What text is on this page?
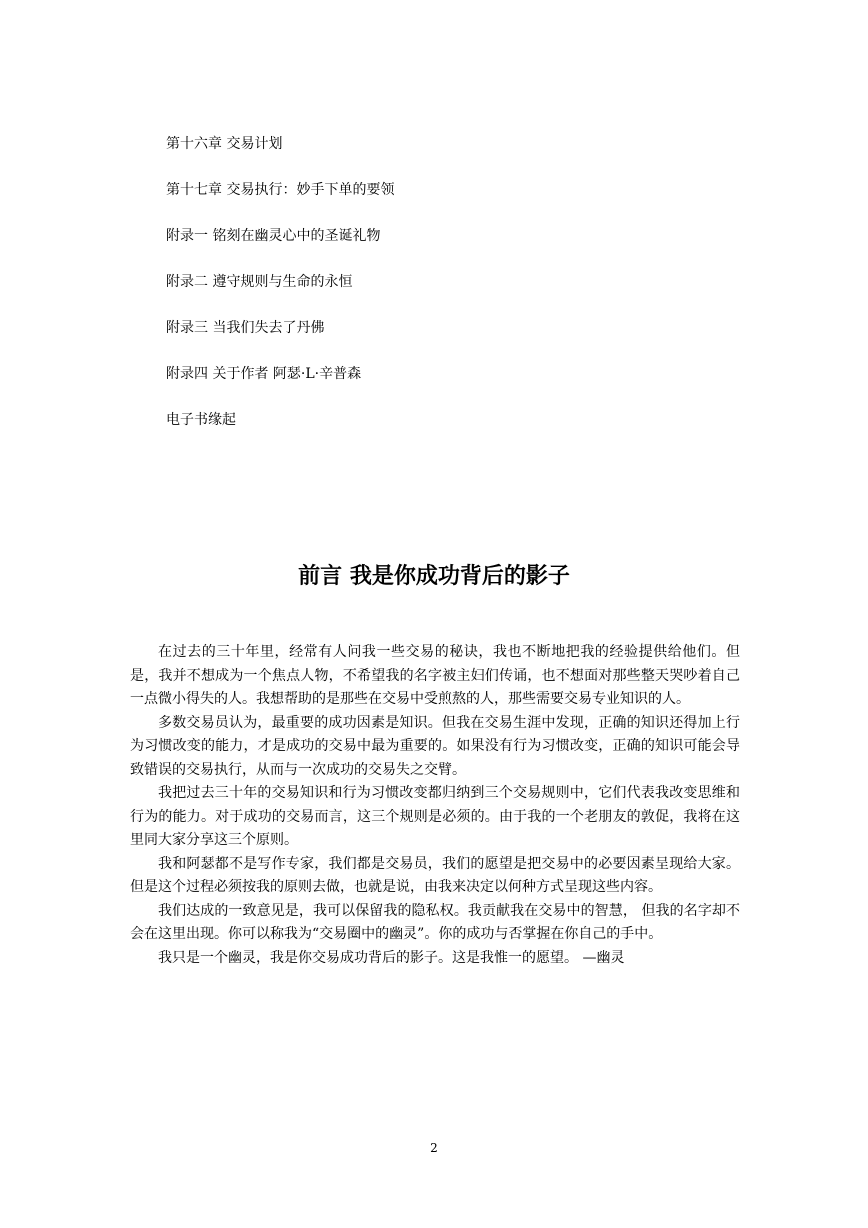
第十六章 交易计划
第十七章 交易执行：妙手下单的要领
附录一 铭刻在幽灵心中的圣诞礼物
附录二 遵守规则与生命的永恒
附录三 当我们失去了丹佛
附录四 关于作者 阿瑟·L·辛普森
电子书缘起
前言 我是你成功背后的影子

在过去的三十年里，经常有人问我一些交易的秘诀，我也不断地把我的经验提供给他们。但是，我并不想成为一个焦点人物，不希望我的名字被主妇们传诵，也不想面对那些整天哭吵着自己一点微小得失的人。我想帮助的是那些在交易中受煎熬的人，那些需要交易专业知识的人。

多数交易员认为，最重要的成功因素是知识。但我在交易生涯中发现，正确的知识还得加上行为习惯改变的能力，才是成功的交易中最为重要的。如果没有行为习惯改变，正确的知识可能会导致错误的交易执行，从而与一次成功的交易失之交臂。

我把过去三十年的交易知识和行为习惯改变都归纳到三个交易规则中，它们代表我改变思维和行为的能力。对于成功的交易而言，这三个规则是必须的。由于我的一个老朋友的敦促，我将在这里同大家分享这三个原则。

我和阿瑟都不是写作专家，我们都是交易员，我们的愿望是把交易中的必要因素呈现给大家。但是这个过程必须按我的原则去做，也就是说，由我来决定以何种方式呈现这些内容。

我们达成的一致意见是，我可以保留我的隐私权。我贡献我在交易中的智慧， 但我的名字却不会在这里出现。你可以称我为“交易圈中的幽灵”。你的成功与否掌握在你自己的手中。

我只是一个幽灵，我是你交易成功背后的影子。这是我惟一的愿望。 —幽灵

2
